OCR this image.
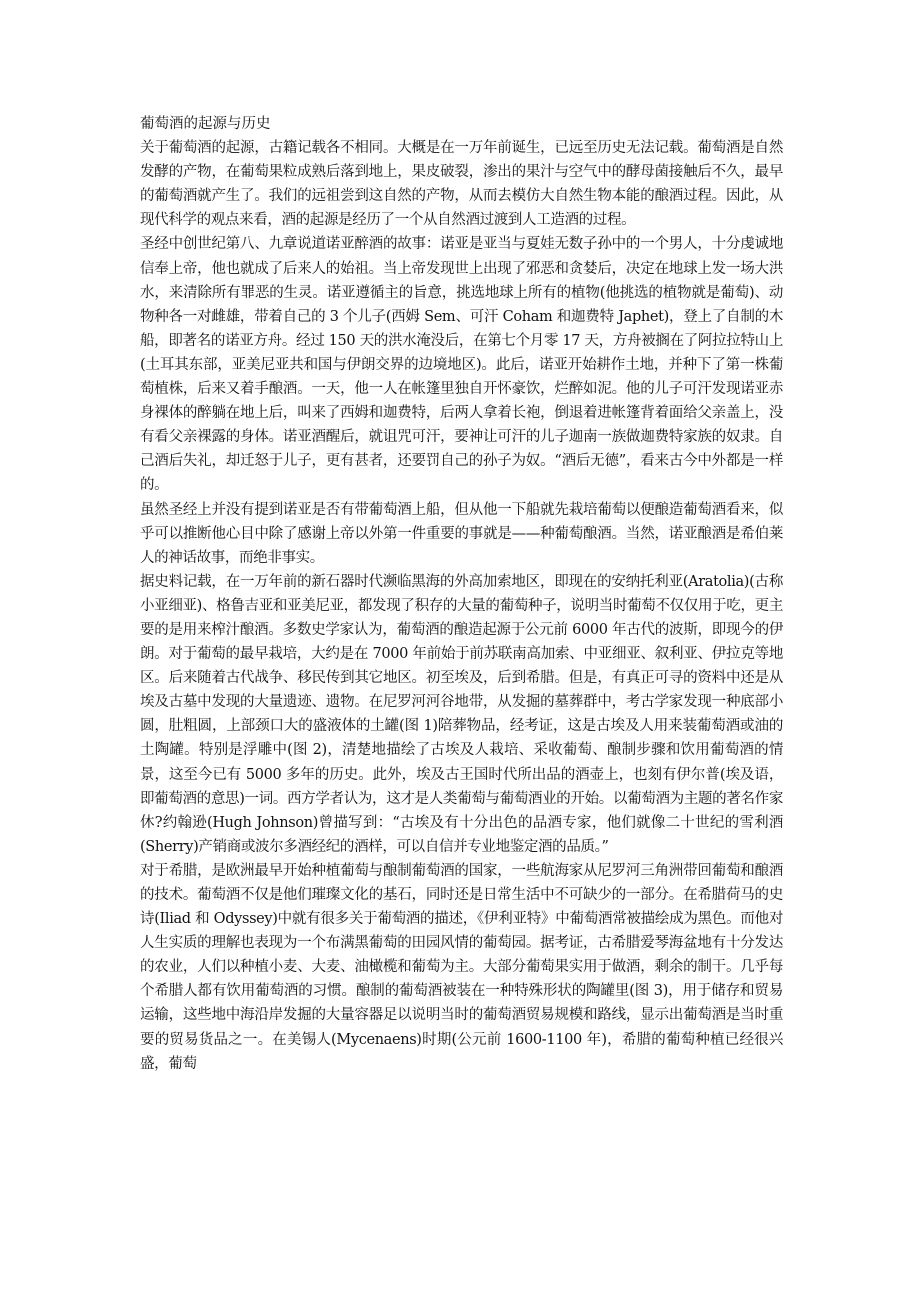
葡萄酒的起源与历史

关于葡萄酒的起源，古籍记载各不相同。大概是在一万年前诞生，已远至历史无法记载。葡萄酒是自然发酵的产物，在葡萄果粒成熟后落到地上，果皮破裂，渗出的果汁与空气中的酵母菌接触后不久，最早的葡萄酒就产生了。我们的远祖尝到这自然的产物，从而去模仿大自然生物本能的酿酒过程。因此，从现代科学的观点来看，酒的起源是经历了一个从自然酒过渡到人工造酒的过程。

圣经中创世纪第八、九章说道诺亚醉酒的故事：诺亚是亚当与夏娃无数子孙中的一个男人，十分虔诚地信奉上帝，他也就成了后来人的始祖。当上帝发现世上出现了邪恶和贪婪后，决定在地球上发一场大洪水，来清除所有罪恶的生灵。诺亚遵循主的旨意，挑选地球上所有的植物(他挑选的植物就是葡萄)、动物种各一对雌雄，带着自己的 3 个儿子(西姆 Sem、可汗 Coham 和迦费特 Japhet)，登上了自制的木船，即著名的诺亚方舟。经过 150 天的洪水淹没后，在第七个月零 17 天，方舟被搁在了阿拉拉特山上(土耳其东部，亚美尼亚共和国与伊朗交界的边境地区)。此后，诺亚开始耕作土地，并种下了第一株葡萄植株，后来又着手酿酒。一天，他一人在帐篷里独自开怀豪饮，烂醉如泥。他的儿子可汗发现诺亚赤身裸体的醉躺在地上后，叫来了西姆和迦费特，后两人拿着长袍，倒退着进帐篷背着面给父亲盖上，没有看父亲裸露的身体。诺亚酒醒后，就诅咒可汗，要神让可汗的儿子迦南一族做迦费特家族的奴隶。自己酒后失礼，却迁怒于儿子，更有甚者，还要罚自己的孙子为奴。“酒后无德”，看来古今中外都是一样的。

虽然圣经上并没有提到诺亚是否有带葡萄酒上船，但从他一下船就先栽培葡萄以便酿造葡萄酒看来，似乎可以推断他心目中除了感谢上帝以外第一件重要的事就是——种葡萄酿酒。当然，诺亚酿酒是希伯莱人的神话故事，而绝非事实。

据史料记载，在一万年前的新石器时代濒临黑海的外高加索地区，即现在的安纳托利亚(Aratolia)(古称小亚细亚)、格鲁吉亚和亚美尼亚，都发现了积存的大量的葡萄种子，说明当时葡萄不仅仅用于吃，更主要的是用来榨汁酿酒。多数史学家认为，葡萄酒的酿造起源于公元前 6000 年古代的波斯，即现今的伊朗。对于葡萄的最早栽培，大约是在 7000 年前始于前苏联南高加索、中亚细亚、叙利亚、伊拉克等地区。后来随着古代战争、移民传到其它地区。初至埃及，后到希腊。但是，有真正可寻的资料中还是从埃及古墓中发现的大量遗迹、遗物。在尼罗河河谷地带，从发掘的墓葬群中，考古学家发现一种底部小圆，肚粗圆，上部颈口大的盛液体的土罐(图 1)陪葬物品，经考证，这是古埃及人用来装葡萄酒或油的土陶罐。特别是浮雕中(图 2)，清楚地描绘了古埃及人栽培、采收葡萄、酿制步骤和饮用葡萄酒的情景，这至今已有 5000 多年的历史。此外，埃及古王国时代所出品的酒壶上，也刻有伊尔普(埃及语，即葡萄酒的意思)一词。西方学者认为，这才是人类葡萄与葡萄酒业的开始。以葡萄酒为主题的著名作家休?约翰逊(Hugh Johnson)曾描写到：“古埃及有十分出色的品酒专家，他们就像二十世纪的雪利酒(Sherry)产销商或波尔多酒经纪的酒样，可以自信并专业地鉴定酒的品质。”

对于希腊，是欧洲最早开始种植葡萄与酿制葡萄酒的国家，一些航海家从尼罗河三角洲带回葡萄和酿酒的技术。葡萄酒不仅是他们璀璨文化的基石，同时还是日常生活中不可缺少的一部分。在希腊荷马的史诗(Iliad 和 Odyssey)中就有很多关于葡萄酒的描述，《伊利亚特》中葡萄酒常被描绘成为黑色。而他对人生实质的理解也表现为一个布满黑葡萄的田园风情的葡萄园。据考证，古希腊爱琴海盆地有十分发达的农业，人们以种植小麦、大麦、油橄榄和葡萄为主。大部分葡萄果实用于做酒，剩余的制干。几乎每个希腊人都有饮用葡萄酒的习惯。酿制的葡萄酒被装在一种特殊形状的陶罐里(图 3)，用于储存和贸易运输，这些地中海沿岸发掘的大量容器足以说明当时的葡萄酒贸易规模和路线，显示出葡萄酒是当时重要的贸易货品之一。在美锡人(Mycenaens)时期(公元前 1600-1100 年)，希腊的葡萄种植已经很兴盛，葡萄
